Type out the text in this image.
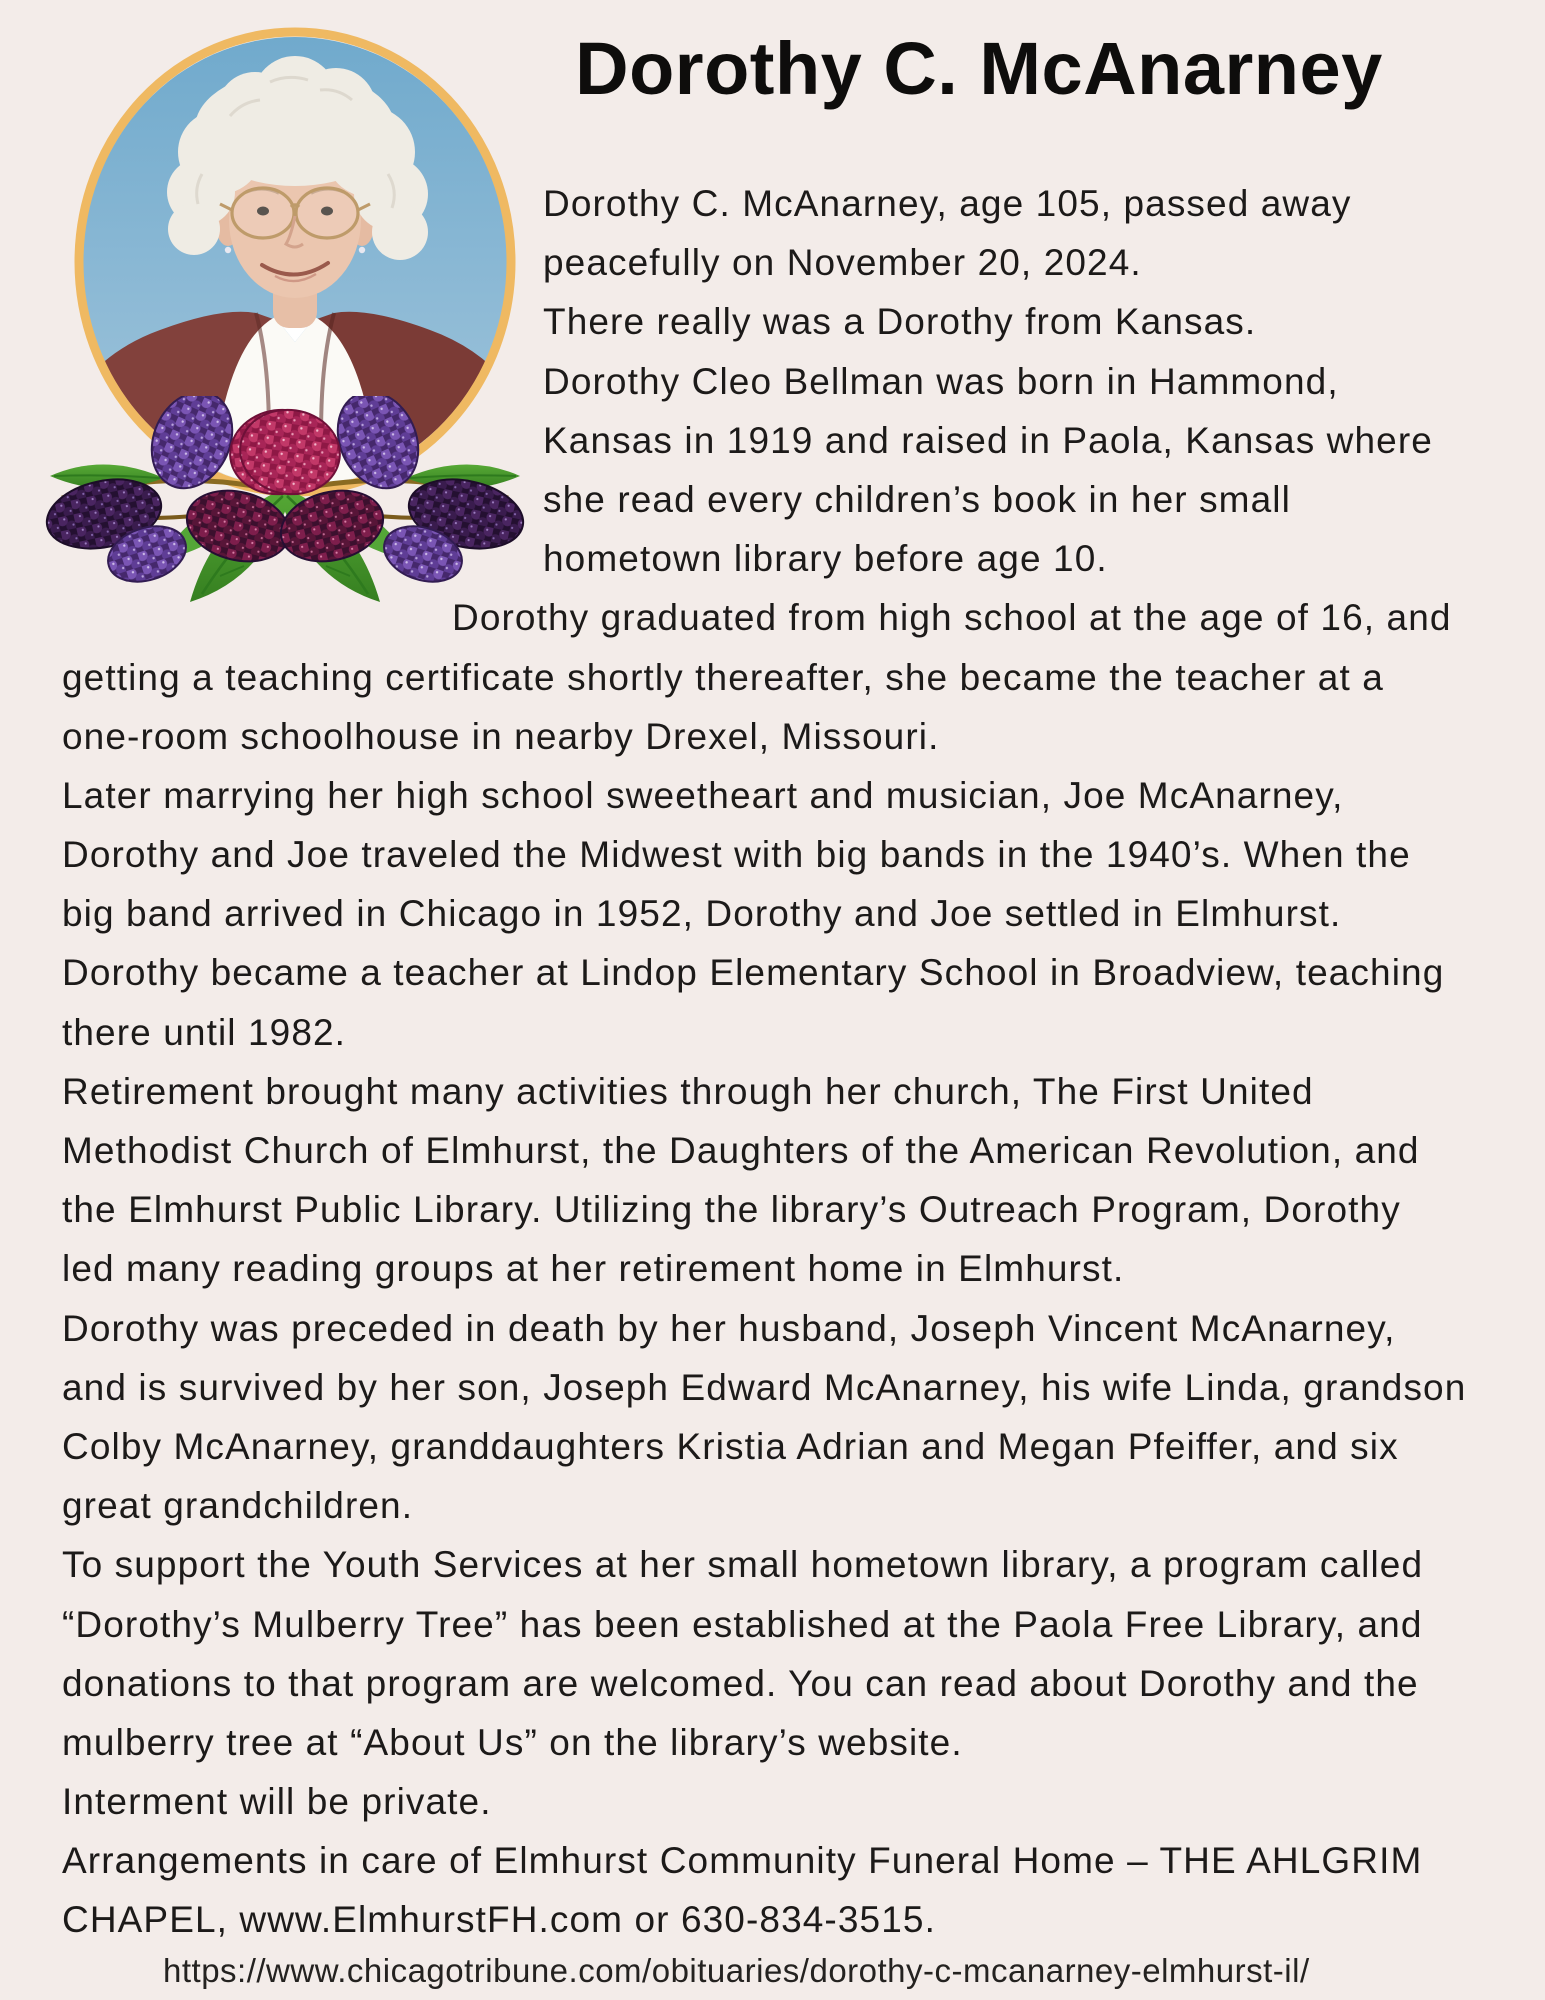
Dorothy C. McAnarney
Dorothy C. McAnarney, age 105, passed away
peacefully on November 20, 2024.
There really was a Dorothy from Kansas.
Dorothy Cleo Bellman was born in Hammond,
Kansas in 1919 and raised in Paola, Kansas where
she read every children’s book in her small
hometown library before age 10.
Dorothy graduated from high school at the age of 16, and
getting a teaching certificate shortly thereafter, she became the teacher at a
one-room schoolhouse in nearby Drexel, Missouri.
Later marrying her high school sweetheart and musician, Joe McAnarney,
Dorothy and Joe traveled the Midwest with big bands in the 1940’s. When the
big band arrived in Chicago in 1952, Dorothy and Joe settled in Elmhurst.
Dorothy became a teacher at Lindop Elementary School in Broadview, teaching
there until 1982.
Retirement brought many activities through her church, The First United
Methodist Church of Elmhurst, the Daughters of the American Revolution, and
the Elmhurst Public Library. Utilizing the library’s Outreach Program, Dorothy
led many reading groups at her retirement home in Elmhurst.
Dorothy was preceded in death by her husband, Joseph Vincent McAnarney,
and is survived by her son, Joseph Edward McAnarney, his wife Linda, grandson
Colby McAnarney, granddaughters Kristia Adrian and Megan Pfeiffer, and six
great grandchildren.
To support the Youth Services at her small hometown library, a program called
“Dorothy’s Mulberry Tree” has been established at the Paola Free Library, and
donations to that program are welcomed. You can read about Dorothy and the
mulberry tree at “About Us” on the library’s website.
Interment will be private.
Arrangements in care of Elmhurst Community Funeral Home – THE AHLGRIM
CHAPEL, www.ElmhurstFH.com or 630-834-3515.
https://www.chicagotribune.com/obituaries/dorothy-c-mcanarney-elmhurst-il/
